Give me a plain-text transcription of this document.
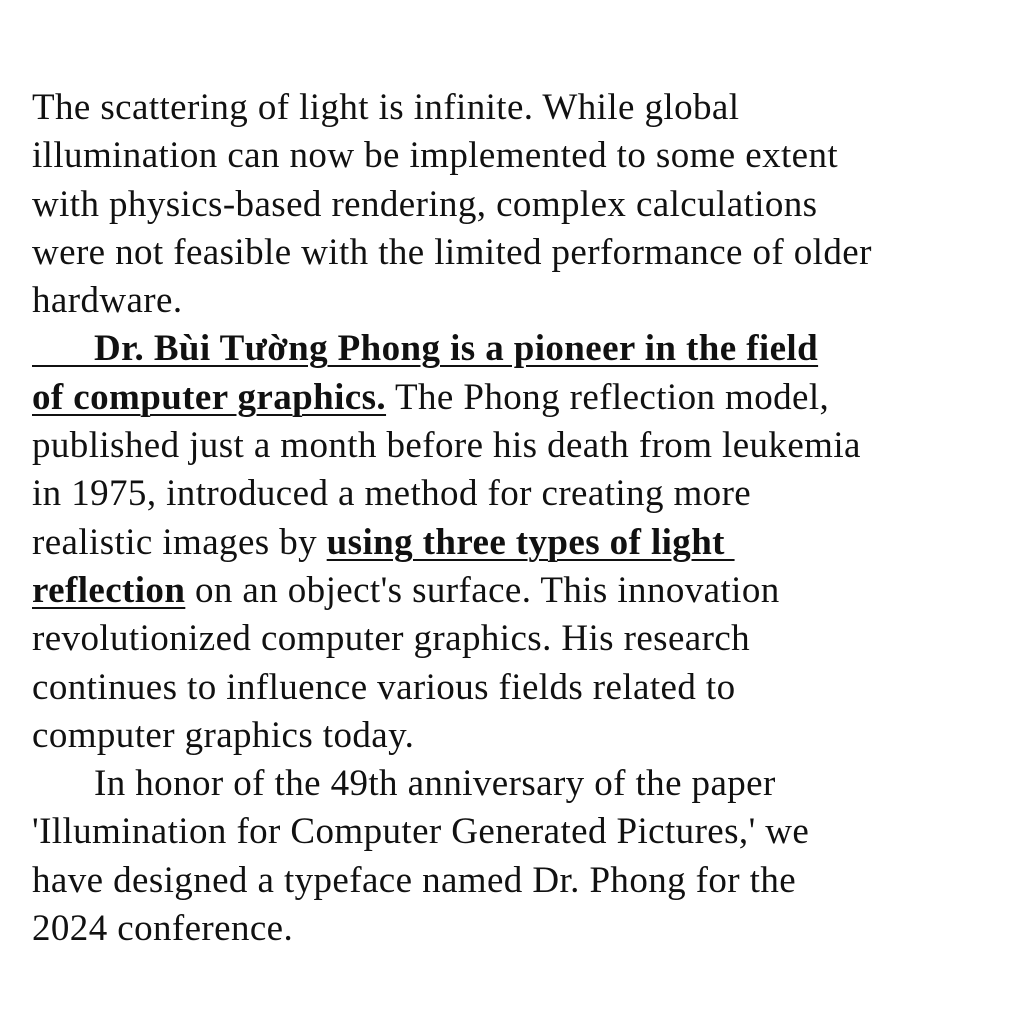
The scattering of light is infinite. While global
illumination can now be implemented to some extent
with physics-based rendering, complex calculations
were not feasible with the limited performance of older
hardware.
Dr. Bùi Tường Phong is a pioneer in the field
of computer graphics. The Phong reflection model,
published just a month before his death from leukemia
in 1975, introduced a method for creating more
realistic images by using three types of light
reflection on an object's surface. This innovation
revolutionized computer graphics. His research
continues to influence various fields related to
computer graphics today.
In honor of the 49th anniversary of the paper
'Illumination for Computer Generated Pictures,' we
have designed a typeface named Dr. Phong for the
2024 conference.
